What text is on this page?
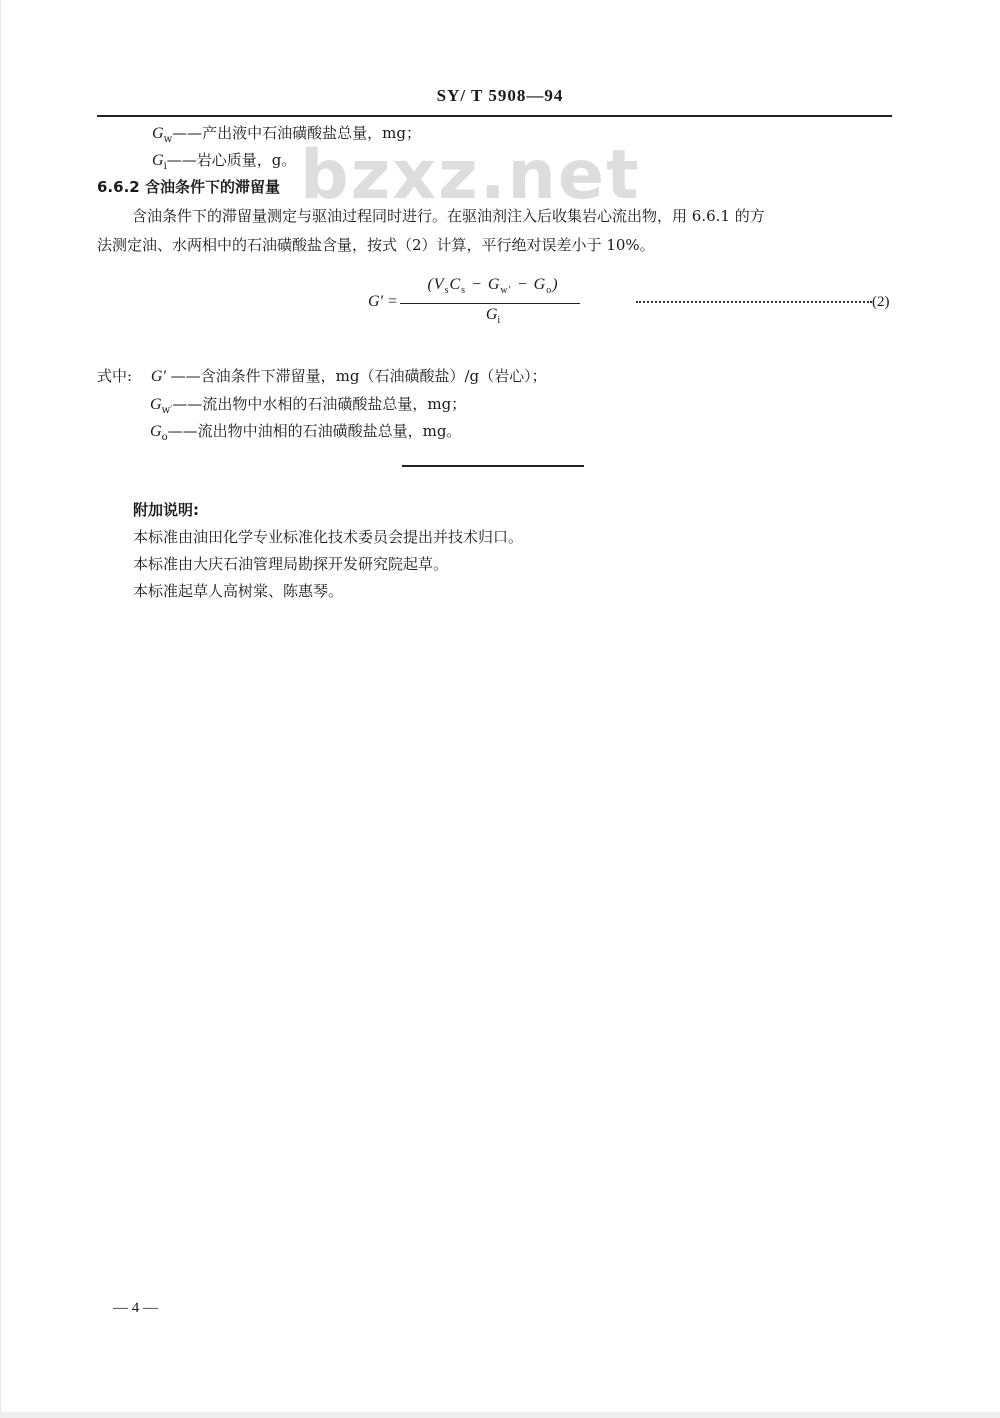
SY/ T 5908—94
bzxz.net
$G_w——$产出液中石油磺酸盐总量，mg；
$G_i——$岩心质量，g。
6.6.2 含油条件下的滞留量
含油条件下的滞留量测定与驱油过程同时进行。在驱油剂注入后收集岩心流出物，用 6.6.1 的方
法测定油、水两相中的石油磺酸盐含量，按式（2）计算，平行绝对误差小于 10%。
G′ =
$(V_sC_s - G_{w'} - G_o)$
$G_i$
(2)
式中: G′ ——含油条件下滞留量，mg（石油磺酸盐）/g（岩心）；
$G_{w'}——$流出物中水相的石油磺酸盐总量，mg；
$G_o——$流出物中油相的石油磺酸盐总量，mg。
附加说明:
本标准由油田化学专业标准化技术委员会提出并技术归口。
本标准由大庆石油管理局勘探开发研究院起草。
本标准起草人高树棠、陈惠琴。
— 4 —
